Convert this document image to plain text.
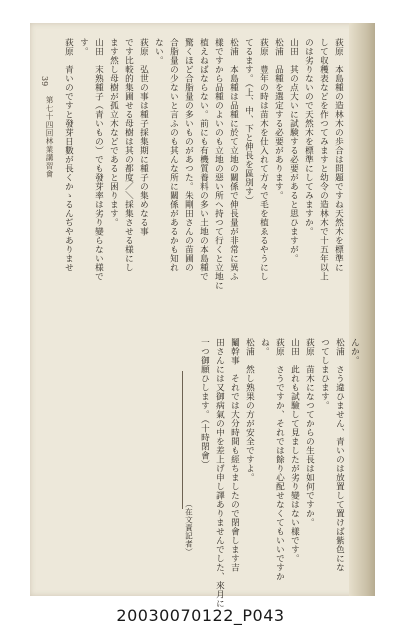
39
第七十四回林業講習會	荻原　本島種の造林木の歩合は問題ですね天然木を標準に
して収穫表などを作つてみますと幼令の造林木で十五年以上
のは劣りないので天然木を標準にしてみますか。
山田　其の点大いに試験する必要があると思ひますが。
松浦　品種を選定する必要があります。
荻原　豊年の時は苗木を仕入れて方々で毛を植ゑるやうにし
てるます。（上、中、下と伸長を區別す）
松浦　本島種は品種に於て立地の關係で伸長量が非常に異ふ
樣ですから品種のよいのも立地の惡い所へ持つて行くと立地に
植えねばならない。前にも有機質養料の多い土地の本島種で
驚くほど合脂量の多いものがあつた。朱剛田さんの苗圃の
合脂量の少ないと言ふのも其んな所に關係があるかも知れ
ない。
荻原　弘世の事は種子採集期に種子の集めなる事
です比較的集圃せる母樹は其の都度／＼採集させる様にし
ます然し母樹が孤立木などであると困ります。
山田　末熟種子（青いもの）でも發芽率は劣り變らない様で
す。
荻原　青いのですと發芽日數が長くかゝるんぢやありませ
んか。
松浦　さう違ひません、青いのは放置して置けば紫色にな
つてしまひます。
荻原　苗木になつてからの生長は如何ですか。
山田　此れも試驗して見ましたが劣り變はない樣です。
荻原　さうですか、それでは餘り心配せなくてもいいですか
ね。
松浦　然し熟果の方が安全ですよ。
鬮幹事　それでは大分時間も經ちましたので閉會します吉
田さんには又御病氣の中を差上げ申し譯ありませんでした、來月に
一つ御願ひします。（十時閉會）
（在文責記者）
20030070122_P043
